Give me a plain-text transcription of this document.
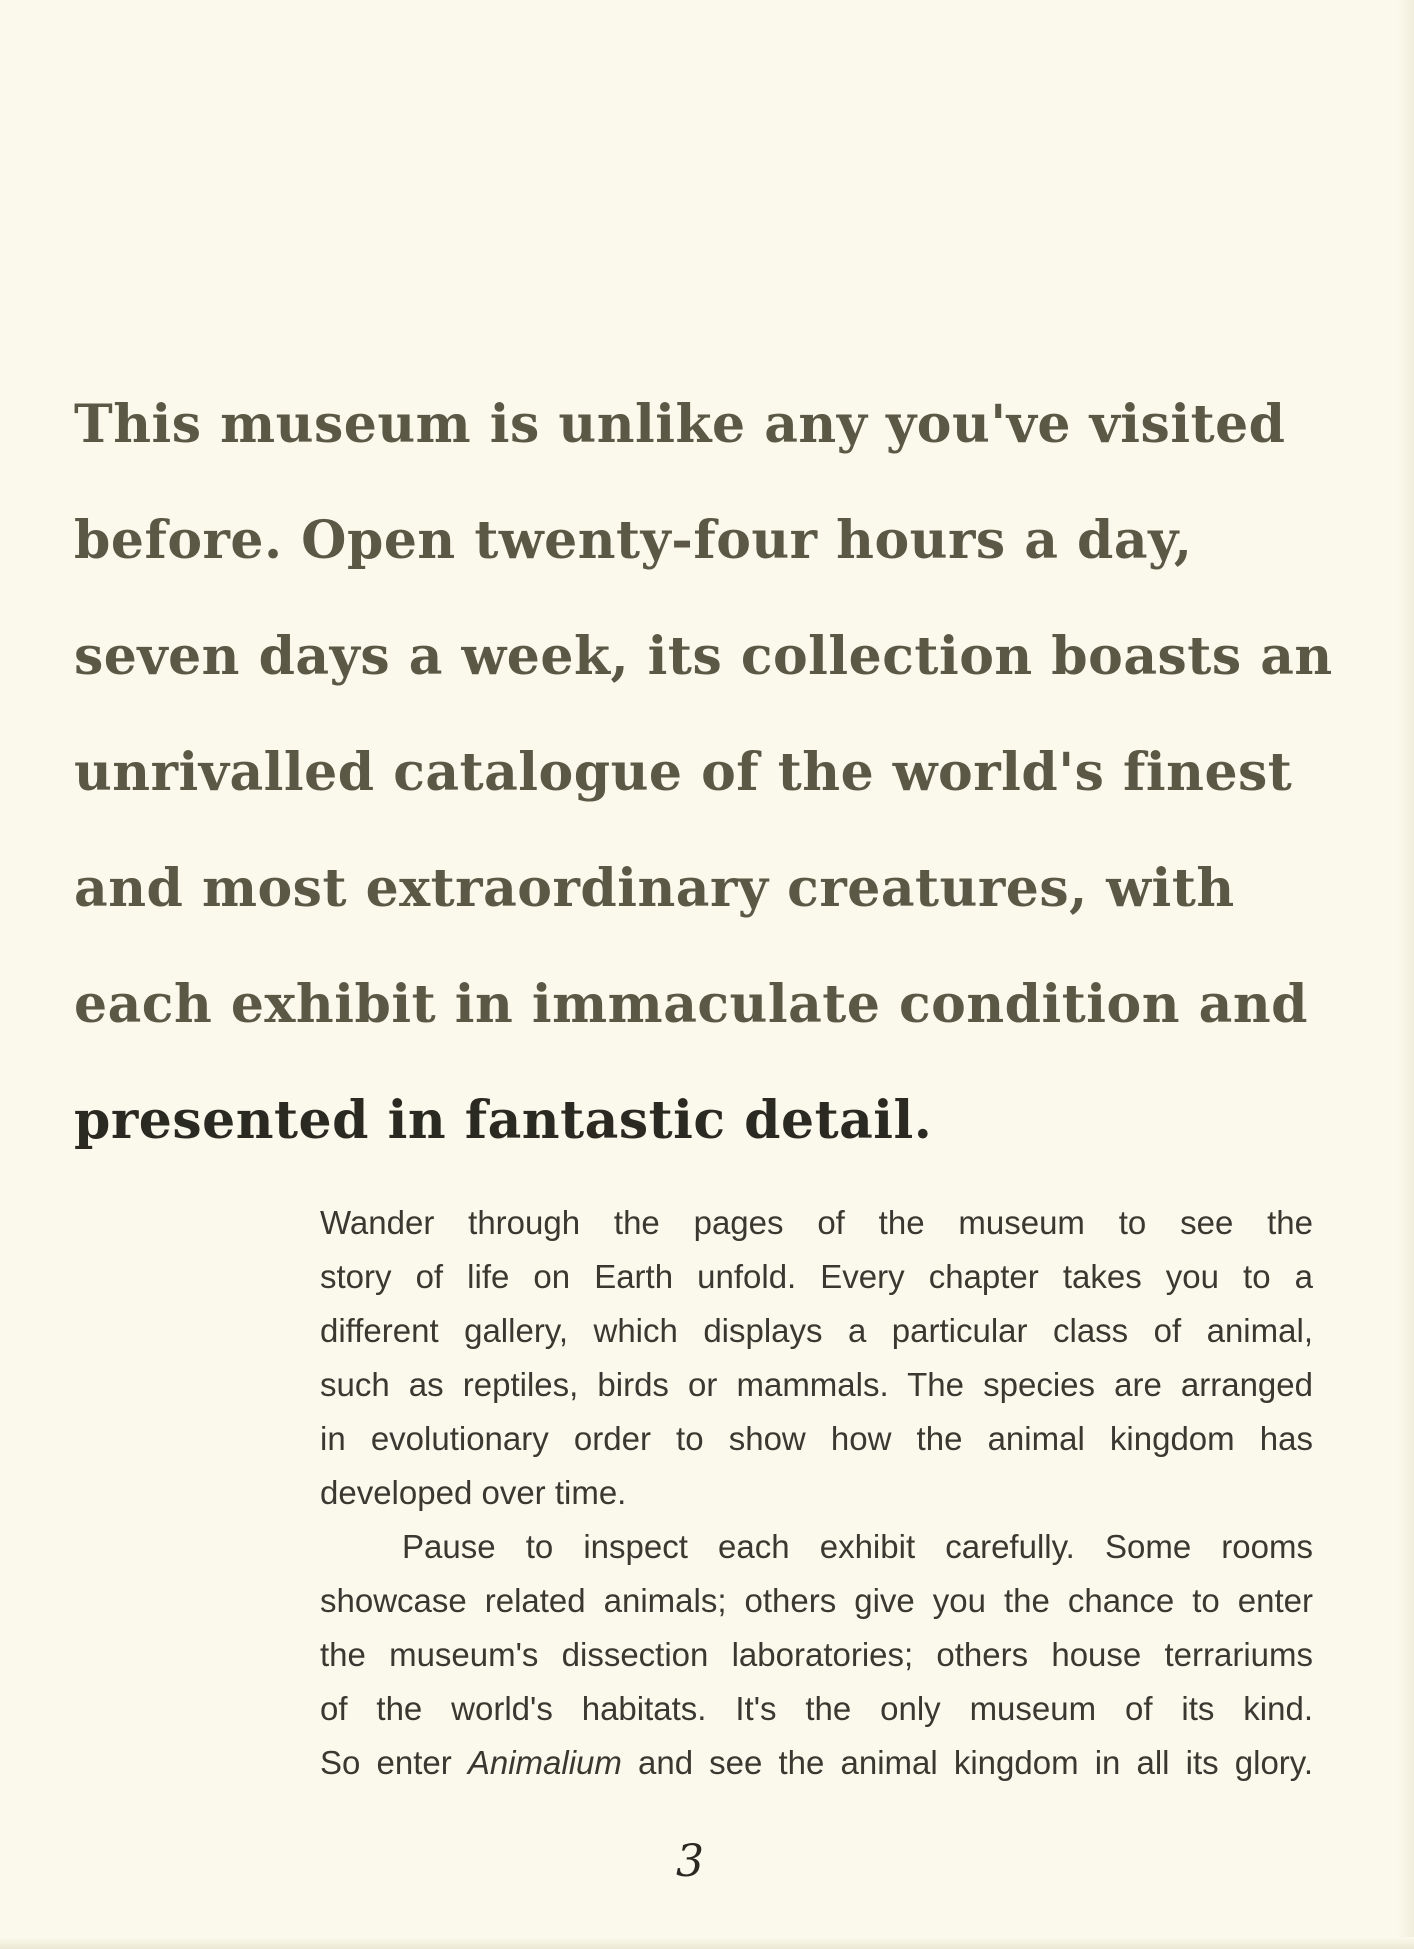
This museum is unlike any you've visited
before. Open twenty-four hours a day,
seven days a week, its collection boasts an
unrivalled catalogue of the world's finest
and most extraordinary creatures, with
each exhibit in immaculate condition and
presented in fantastic detail.

Wander through the pages of the museum to see the
story of life on Earth unfold. Every chapter takes you to a
different gallery, which displays a particular class of animal,
such as reptiles, birds or mammals. The species are arranged
in evolutionary order to show how the animal kingdom has
developed over time.
Pause to inspect each exhibit carefully. Some rooms
showcase related animals; others give you the chance to enter
the museum's dissection laboratories; others house terrariums
of the world's habitats. It's the only museum of its kind.
So enter Animalium and see the animal kingdom in all its glory.
3
